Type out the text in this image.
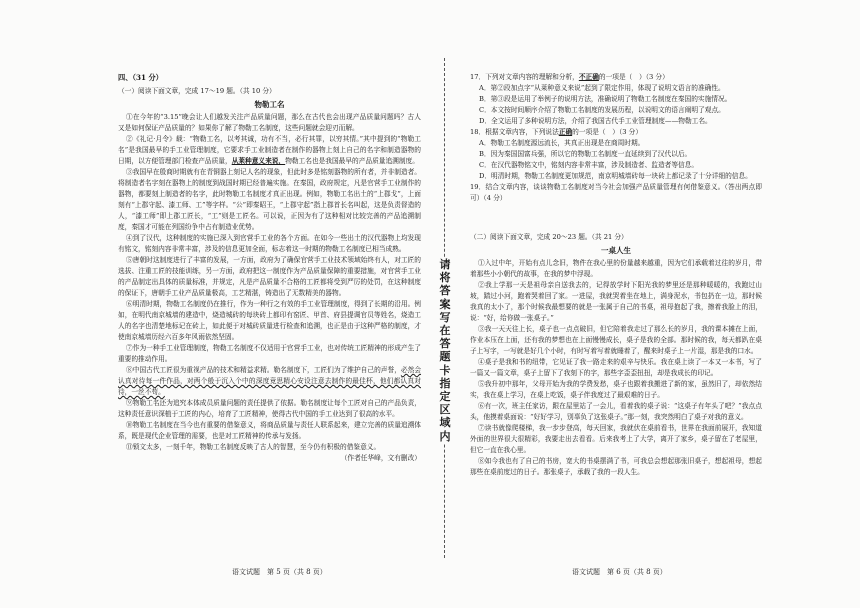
四、（31 分）

（一）阅读下面文章，完成 17～19 题。（共 10 分）

物勒工名

①在今年的“3.15”晚会让人们越发关注产品质量问题，那么在古代也会出现产品质量问题吗？古人又是如何保证产品质量的？如果你了解了物勒工名制度，这些问题就会迎刃而解。

②《礼记·月令》载：“物勒工名，以考其诚，功有不当，必行其罪，以穷其情。”其中提到的“物勒工名”是我国最早的手工业管理制度，它要求手工业制造者在制作的器物上刻上自己的名字和制造器物的日期，以方便管理部门检查产品质量，从莱种意义来说，物勒工名也是我国最早的产品质量追溯制度。

③我国早在殷商时期就有在青铜器上刻记人名的现象，但此时多是铭刻器物的所有者，并非制造者。将制造者名字刻在器物上的制度到战国时期已经普遍实施。在秦国，政府规定，凡是官营手工业制作的器物，都要刻上制造者的名字，此时物勒工名制度才真正出现。例如，物勒工名出土的“上郡戈”，上面刻有“上郡守起、漆工师、工”等字样。“公”即秦昭王，“上郡守起”指上郡首长名叫起，这是负责督造的人，“漆工师”即上郡工匠长，“工”则是工匠名。可以说，正因为有了这种相对比较完善的产品追溯制度，秦国才可能在列国纷争中占有制造业优势。

④到了汉代，这种制度的实施已深入到官营手工业的各个方面。在如今一些出土的汉代器物上均发现有铭文，铭刻内容非常丰富，涉及的信息更加全面，标志着这一时期的物勒工名制度已相当成熟。

⑤唐朝时这制度进行了丰富的发展，一方面，政府为了确保官营手工业技术领域始终有人，对工匠的选拔、注重工匠的技能训练，另一方面，政府把这一制度作为产品质量保障的重要措施，对官营手工业的产品制定出具体的质量标准，并规定，凡是产品质量不合格的工匠都将受到严厉的处罚，在这种制度的保证下，唐朝手工业产品质量极高，工艺精湛，铸造出了无数精美的器物。

⑥明清时期，物勒工名制度仍在推行，作为一种行之有效的手工业管理制度，得到了长期的沿用。例如，在明代南京城墙的建造中，烧造城砖的每块砖上都印有窑匠、甲首、府县提调官员等姓名，烧造工人的名字也清楚地标记在砖上，如此便于对城砖质量进行检查和追溯，也正是由于这种严格的制度，才使南京城墙历经六百多年风雨依然坚固。

⑦作为一种手工业管理制度，物勒工名制度不仅适用于官营手工业，也对传统工匠精神的形成产生了重要的推动作用。

⑧中国古代工匠很为重视产品的技术和精益求精。勒名制度下，工匠们为了维护自己的声誉，必然会认真对待每一件作品，对两个般于沉入个中的深度竟思精心安设注意去制作的最佳杯，他们都认真对待，一丝不苟。

⑨物勒工名还为追究本体成员质量问题的责任提供了依据。勒名制度让每个工匠对自己的产品负责，这种责任意识深植于工匠的内心，培育了工匠精神，使得古代中国的手工业达到了很高的水平。

⑩物勒工名制度在当今也有重要的借鉴意义，将商品质量与责任人联系起来，建立完善的质量追溯体系，既是现代企业管理的需要，也是对工匠精神的传承与发扬。

⑪锁文太多，一刻千年，物勒工名制度反映了古人的智慧，至今仍有积极的借鉴意义。

（作者任华峰，文有删改）

请将答案写在答题卡指定区域内

17．下列对文章内容的理解和分析，不正确的一项是（　）（3 分）

A．第②段加点字“从莱种意义来说”起到了限定作用，体现了说明文语言的准确性。

B．第③段是运用了举例子的说明方法，准确说明了物勒工名制度在秦国的实施情况。

C．本文按时间顺序介绍了物勒工名制度的发展历程，以说明文的语言阐明了观点。

D．全文运用了多种说明方法，介绍了我国古代手工业管理制度——物勒工名。

18．根据文章内容，下列说法正确的一项是（　）（3 分）

A．物勒工名制度源远流长，其真正出现是在商周时期。

B．因为秦国国富兵强，所以它的物勒工名制度一直延续到了汉代以后。

C．在汉代器物铭文中，铭刻内容非常丰富，涉及制造者、监造者等信息。

D．明清时期，物勒工名制度更加规范，南京明城墙砖每一块砖上都记录了十分详细的信息。

19．结合文章内容，谈谈物勒工名制度对当今社会加强产品质量管理有何借鉴意义。（答出两点即可）（4 分）

（二）阅读下面文章，完成 20～23 题。（共 21 分）

一桌人生

①入过中年，开始有点儿念旧，物件在我心里的份量越来越重，因为它们承载着过往的岁月，带着那些小小朝代的故事，在我的梦中浮现。

②我上学那一天是祖母亲自送我去的，记得放学时下阳光我的梦里还是那种暖暖的，我跑过山坡，踏过小河，跑着哭着回了家。一进屋，我就哭着坐在地上，满身泥水，书包扔在一边，那时候我真的太小了，那个时候我最想要的就是一张属于自己的书桌，祖母抱起了我，擦着我脸上的泪，说：“好，给你做一张桌子。”

③我一天天往上长，桌子也一点点破旧，但它陪着我走过了那么长的岁月，我的课本摊在上面，作业本压在上面，还有我的梦想也在上面慢慢成长，桌子是我的全部。那时候的我，每天都趴在桌子上写字，一写就是好几个小时，有时写着写着就睡着了，醒来时桌子上一片湿，那是我的口水。

④桌子是我和书的纽带，它见证了我一路走来的艰辛与快乐。我在桌上读了一本又一本书，写了一篇又一篇文章，桌子上留下了我刻下的字，那些字歪歪扭扭，却是我成长的印记。

⑤我升初中那年，父母开始为我的学费发愁，桌子也跟着我搬进了新的家，虽然旧了，却依然结实，我在桌上学习，在桌上吃饭，桌子伴我度过了最艰难的日子。

⑥有一次，班主任家访，跟在屋里站了一会儿，看着我的桌子说：“这桌子有年头了吧？”我点点头，他摸着桌面说：“好好学习，别辜负了这张桌子。”那一刻，我突然明白了桌子对我的意义。

⑦读书就像爬楼梯，我一步步登高，每天回家，我就伏在桌前看书，世界在我面前展开，我知道外面的世界很大很精彩，我要走出去看看。后来我考上了大学，离开了家乡，桌子留在了老屋里，但它一直在我心里。

⑧如今我也有了自己的书房，宽大的书桌摆满了书，可我总会想起那张旧桌子，想起祖母，想起那些在桌前度过的日子。那张桌子，承载了我的一段人生。

语文试题　第 5 页（共 8 页）	语文试题　第 6 页（共 8 页）
